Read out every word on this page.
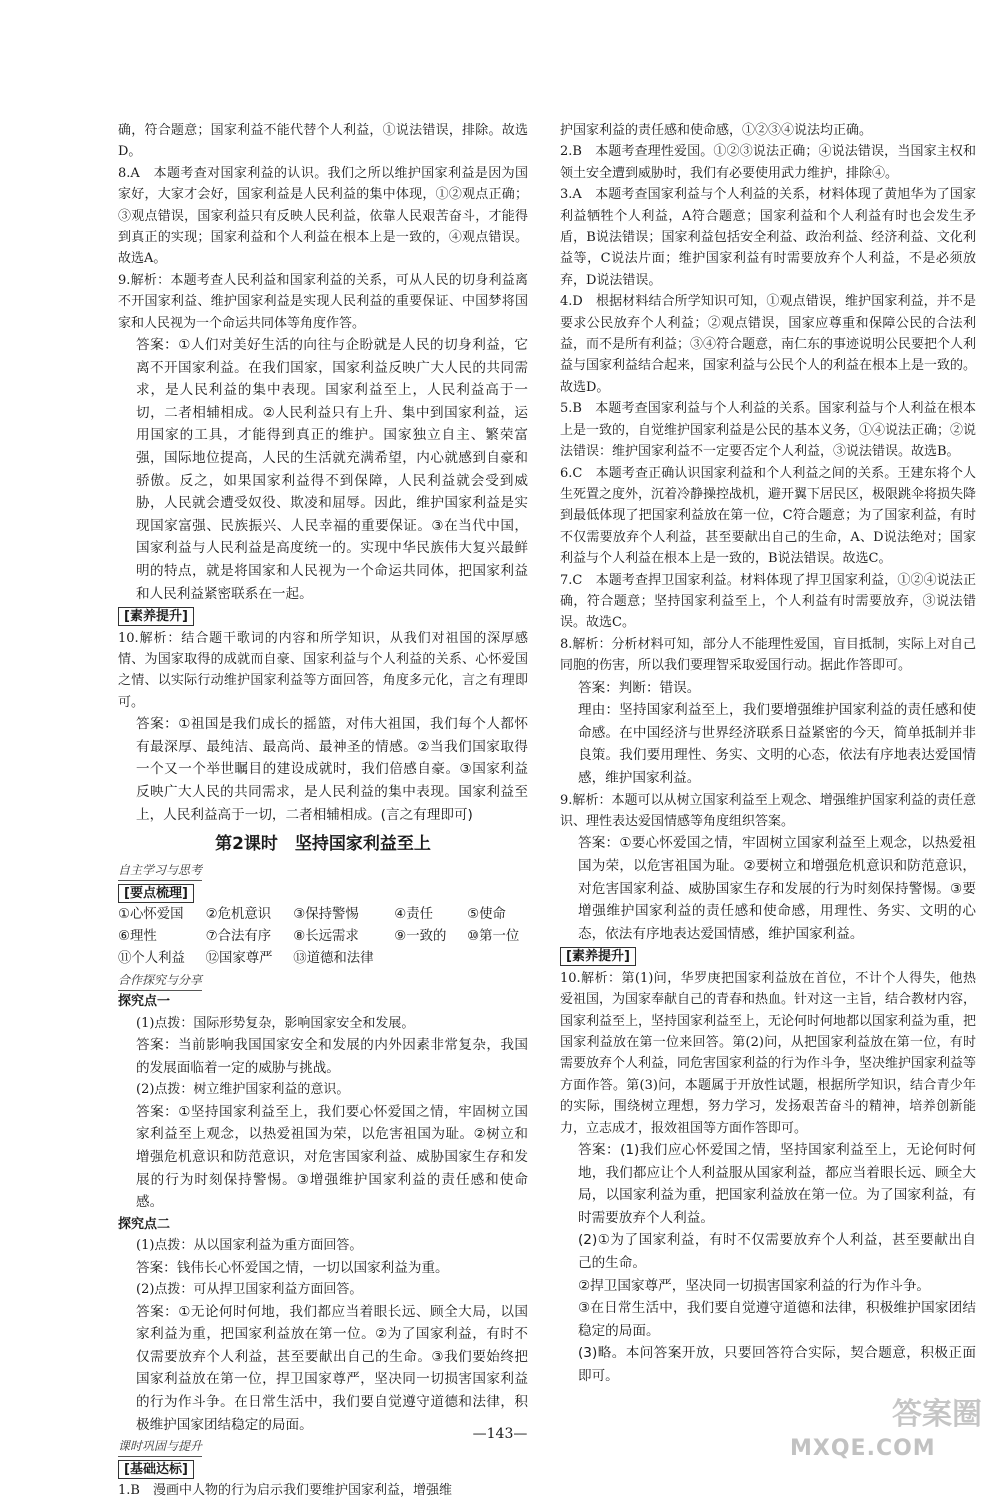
确，符合题意；国家利益不能代替个人利益，①说法错误，排除。故选D。

8.A　本题考查对国家利益的认识。我们之所以维护国家利益是因为国家好，大家才会好，国家利益是人民利益的集中体现，①②观点正确；③观点错误，国家利益只有反映人民利益，依靠人民艰苦奋斗，才能得到真正的实现；国家利益和个人利益在根本上是一致的，④观点错误。故选A。

9.解析：本题考查人民利益和国家利益的关系，可从人民的切身利益离不开国家利益、维护国家利益是实现人民利益的重要保证、中国梦将国家和人民视为一个命运共同体等角度作答。

答案：①人们对美好生活的向往与企盼就是人民的切身利益，它离不开国家利益。在我们国家，国家利益反映广大人民的共同需求，是人民利益的集中表现。国家利益至上，人民利益高于一切，二者相辅相成。②人民利益只有上升、集中到国家利益，运用国家的工具，才能得到真正的维护。国家独立自主、繁荣富强，国际地位提高，人民的生活就充满希望，内心就感到自豪和骄傲。反之，如果国家利益得不到保障，人民利益就会受到威胁，人民就会遭受奴役、欺凌和屈辱。因此，维护国家利益是实现国家富强、民族振兴、人民幸福的重要保证。③在当代中国，国家利益与人民利益是高度统一的。实现中华民族伟大复兴最鲜明的特点，就是将国家和人民视为一个命运共同体，把国家利益和人民利益紧密联系在一起。

[素养提升]

10.解析：结合题干歌词的内容和所学知识，从我们对祖国的深厚感情、为国家取得的成就而自豪、国家利益与个人利益的关系、心怀爱国之情、以实际行动维护国家利益等方面回答，角度多元化，言之有理即可。

答案：①祖国是我们成长的摇篮，对伟大祖国，我们每个人都怀有最深厚、最纯洁、最高尚、最神圣的情感。②当我们国家取得一个又一个举世瞩目的建设成就时，我们倍感自豪。③国家利益反映广大人民的共同需求，是人民利益的集中表现。国家利益至上，人民利益高于一切，二者相辅相成。(言之有理即可)

第2课时　坚持国家利益至上
自主学习与思考
[要点梳理]
①心怀爱国	②危机意识	③保持警惕	④责任	⑤使命
⑥理性	⑦合法有序	⑧长远需求	⑨一致的	⑩第一位
⑪个人利益	⑫国家尊严	⑬道德和法律
合作探究与分享
探究点一

(1)点拨：国际形势复杂，影响国家安全和发展。

答案：当前影响我国国家安全和发展的内外因素非常复杂，我国的发展面临着一定的威胁与挑战。

(2)点拨：树立维护国家利益的意识。

答案：①坚持国家利益至上，我们要心怀爱国之情，牢固树立国家利益至上观念，以热爱祖国为荣，以危害祖国为耻。②树立和增强危机意识和防范意识，对危害国家利益、威胁国家生存和发展的行为时刻保持警惕。③增强维护国家利益的责任感和使命感。

探究点二

(1)点拨：从以国家利益为重方面回答。

答案：钱伟长心怀爱国之情，一切以国家利益为重。

(2)点拨：可从捍卫国家利益方面回答。

答案：①无论何时何地，我们都应当着眼长远、顾全大局，以国家利益为重，把国家利益放在第一位。②为了国家利益，有时不仅需要放弃个人利益，甚至要献出自己的生命。③我们要始终把国家利益放在第一位，捍卫国家尊严，坚决同一切损害国家利益的行为作斗争。在日常生活中，我们要自觉遵守道德和法律，积极维护国家团结稳定的局面。

课时巩固与提升
[基础达标]

1.B　漫画中人物的行为启示我们要维护国家利益，增强维

护国家利益的责任感和使命感，①②③④说法均正确。

2.B　本题考查理性爱国。①②③说法正确；④说法错误，当国家主权和领土安全遭到威胁时，我们有必要使用武力维护，排除④。

3.A　本题考查国家利益与个人利益的关系，材料体现了黄旭华为了国家利益牺牲个人利益，A符合题意；国家利益和个人利益有时也会发生矛盾，B说法错误；国家利益包括安全利益、政治利益、经济利益、文化利益等，C说法片面；维护国家利益有时需要放弃个人利益，不是必须放弃，D说法错误。

4.D　根据材料结合所学知识可知，①观点错误，维护国家利益，并不是要求公民放弃个人利益；②观点错误，国家应尊重和保障公民的合法利益，而不是所有利益；③④符合题意，南仁东的事迹说明公民要把个人利益与国家利益结合起来，国家利益与公民个人的利益在根本上是一致的。故选D。

5.B　本题考查国家利益与个人利益的关系。国家利益与个人利益在根本上是一致的，自觉维护国家利益是公民的基本义务，①④说法正确；②说法错误：维护国家利益不一定要否定个人利益，③说法错误。故选B。

6.C　本题考查正确认识国家利益和个人利益之间的关系。王建东将个人生死置之度外，沉着冷静操控战机，避开翼下居民区，极限跳伞将损失降到最低体现了把国家利益放在第一位，C符合题意；为了国家利益，有时不仅需要放弃个人利益，甚至要献出自己的生命，A、D说法绝对；国家利益与个人利益在根本上是一致的，B说法错误。故选C。

7.C　本题考查捍卫国家利益。材料体现了捍卫国家利益，①②④说法正确，符合题意；坚持国家利益至上，个人利益有时需要放弃，③说法错误。故选C。

8.解析：分析材料可知，部分人不能理性爱国，盲目抵制，实际上对自己同胞的伤害，所以我们要理智采取爱国行动。据此作答即可。

答案：判断：错误。

理由：坚持国家利益至上，我们要增强维护国家利益的责任感和使命感。在中国经济与世界经济联系日益紧密的今天，简单抵制并非良策。我们要用理性、务实、文明的心态，依法有序地表达爱国情感，维护国家利益。

9.解析：本题可以从树立国家利益至上观念、增强维护国家利益的责任意识、理性表达爱国情感等角度组织答案。

答案：①要心怀爱国之情，牢固树立国家利益至上观念，以热爱祖国为荣，以危害祖国为耻。②要树立和增强危机意识和防范意识，对危害国家利益、威胁国家生存和发展的行为时刻保持警惕。③要增强维护国家利益的责任感和使命感，用理性、务实、文明的心态，依法有序地表达爱国情感，维护国家利益。

[素养提升]

10.解析：第(1)问，华罗庚把国家利益放在首位，不计个人得失，他热爱祖国，为国家奉献自己的青春和热血。针对这一主旨，结合教材内容，国家利益至上，坚持国家利益至上，无论何时何地都以国家利益为重，把国家利益放在第一位来回答。第(2)问，从把国家利益放在第一位，有时需要放弃个人利益，同危害国家利益的行为作斗争，坚决维护国家利益等方面作答。第(3)问，本题属于开放性试题，根据所学知识，结合青少年的实际，围绕树立理想，努力学习，发扬艰苦奋斗的精神，培养创新能力，立志成才，报效祖国等方面作答即可。

答案：(1)我们应心怀爱国之情，坚持国家利益至上，无论何时何地，我们都应让个人利益服从国家利益，都应当着眼长远、顾全大局，以国家利益为重，把国家利益放在第一位。为了国家利益，有时需要放弃个人利益。

(2)①为了国家利益，有时不仅需要放弃个人利益，甚至要献出自己的生命。

②捍卫国家尊严，坚决同一切损害国家利益的行为作斗争。

③在日常生活中，我们要自觉遵守道德和法律，积极维护国家团结稳定的局面。

(3)略。本问答案开放，只要回答符合实际，契合题意，积极正面即可。

—143—
答案圈
MXQE.COM
